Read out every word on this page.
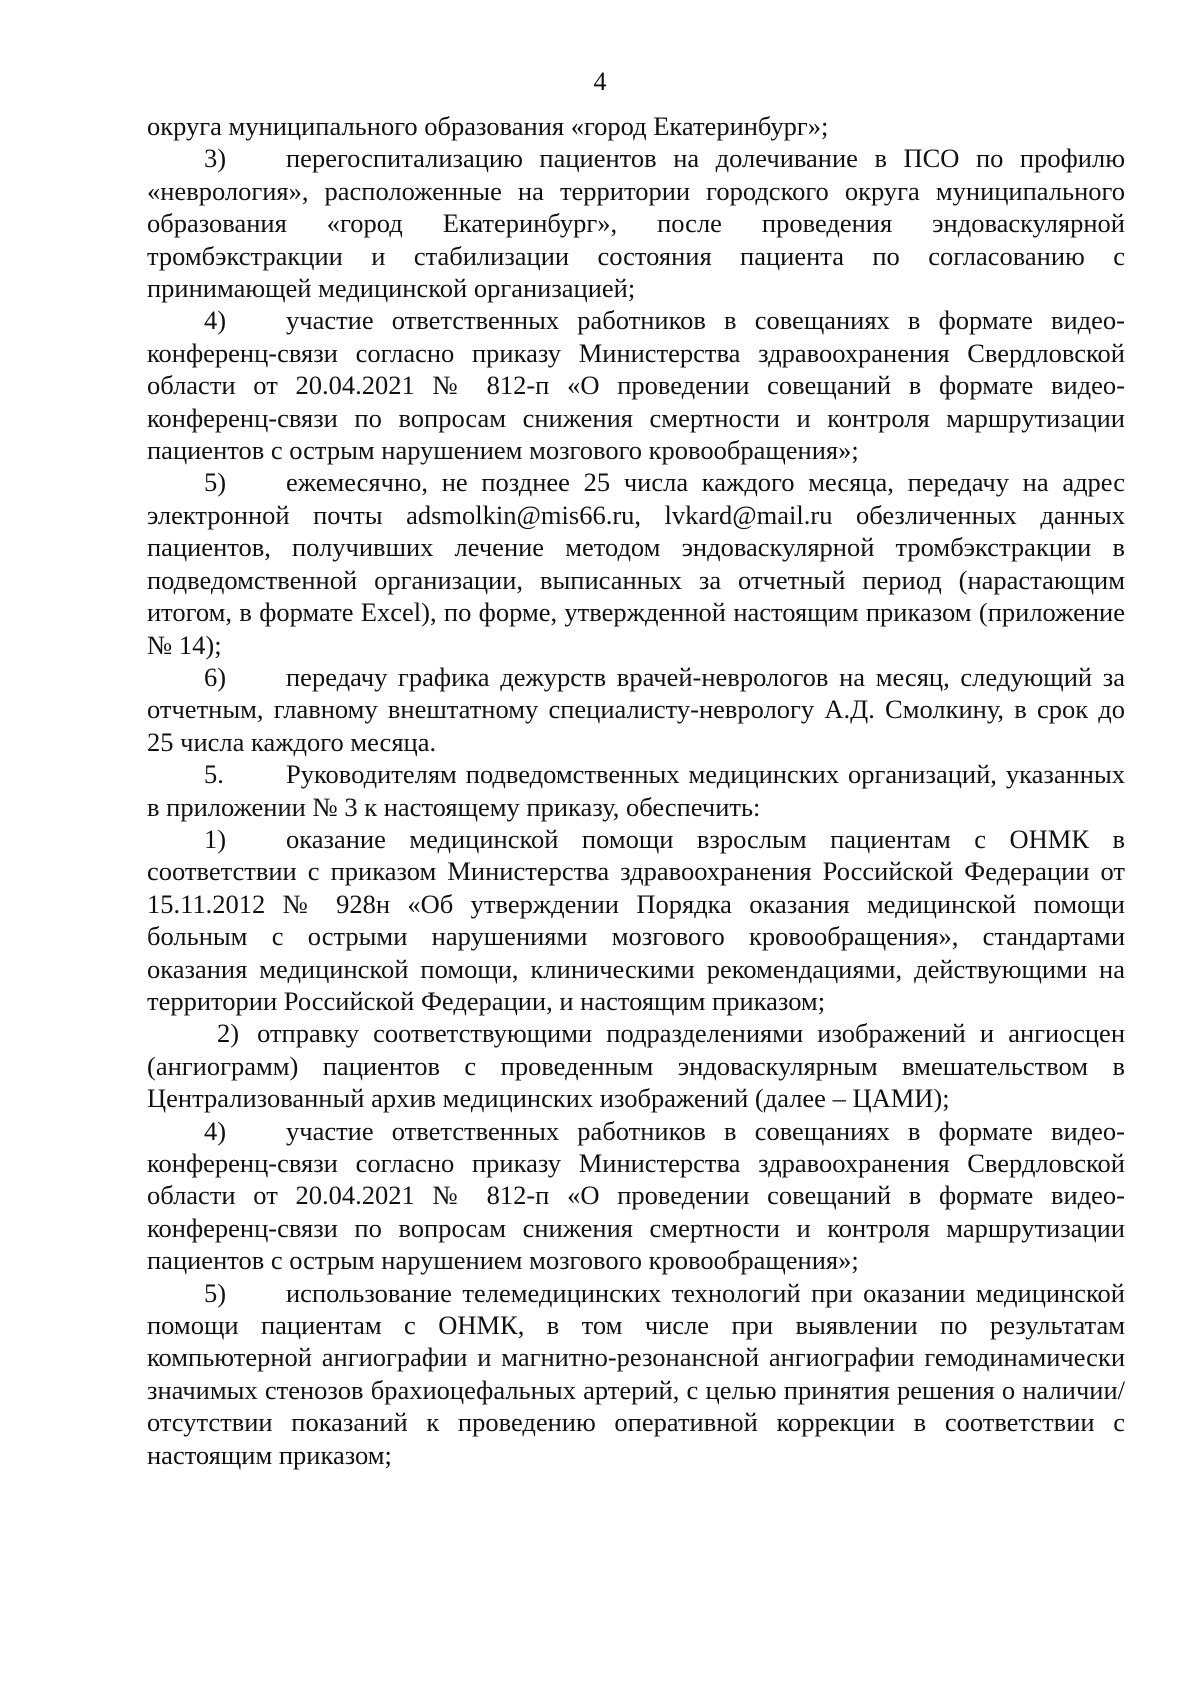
4

округа муниципального образования «город Екатеринбург»;

3) перегоспитализацию пациентов на долечивание в ПСО по профилю «неврология», расположенные на территории городского округа муниципального образования «город Екатеринбург», после проведения эндоваскулярной тромбэкстракции и стабилизации состояния пациента по согласованию с принимающей медицинской организацией;

4) участие ответственных работников в совещаниях в формате видео-конференц-связи согласно приказу Министерства здравоохранения Свердловской области от 20.04.2021 № 812-п «О проведении совещаний в формате видео-конференц-связи по вопросам снижения смертности и контроля маршрутизации пациентов с острым нарушением мозгового кровообращения»;

5) ежемесячно, не позднее 25 числа каждого месяца, передачу на адрес электронной почты adsmolkin@mis66.ru, lvkard@mail.ru обезличенных данных пациентов, получивших лечение методом эндоваскулярной тромбэкстракции в подведомственной организации, выписанных за отчетный период (нарастающим итогом, в формате Excel), по форме, утвержденной настоящим приказом (приложение № 14);

6) передачу графика дежурств врачей-неврологов на месяц, следующий за отчетным, главному внештатному специалисту-неврологу А.Д. Смолкину, в срок до 25 числа каждого месяца.

5. Руководителям подведомственных медицинских организаций, указанных в приложении № 3 к настоящему приказу, обеспечить:

1) оказание медицинской помощи взрослым пациентам с ОНМК в соответствии с приказом Министерства здравоохранения Российской Федерации от 15.11.2012 № 928н «Об утверждении Порядка оказания медицинской помощи больным с острыми нарушениями мозгового кровообращения», стандартами оказания медицинской помощи, клиническими рекомендациями, действующими на территории Российской Федерации, и настоящим приказом;

2) отправку соответствующими подразделениями изображений и ангиосцен (ангиограмм) пациентов с проведенным эндоваскулярным вмешательством в Централизованный архив медицинских изображений (далее – ЦАМИ);

4) участие ответственных работников в совещаниях в формате видео-конференц-связи согласно приказу Министерства здравоохранения Свердловской области от 20.04.2021 № 812-п «О проведении совещаний в формате видео-конференц-связи по вопросам снижения смертности и контроля маршрутизации пациентов с острым нарушением мозгового кровообращения»;

5) использование телемедицинских технологий при оказании медицинской помощи пациентам с ОНМК, в том числе при выявлении по результатам компьютерной ангиографии и магнитно-резонансной ангиографии гемодинамически значимых стенозов брахиоцефальных артерий, с целью принятия решения о наличии/отсутствии показаний к проведению оперативной коррекции в соответствии с настоящим приказом;
